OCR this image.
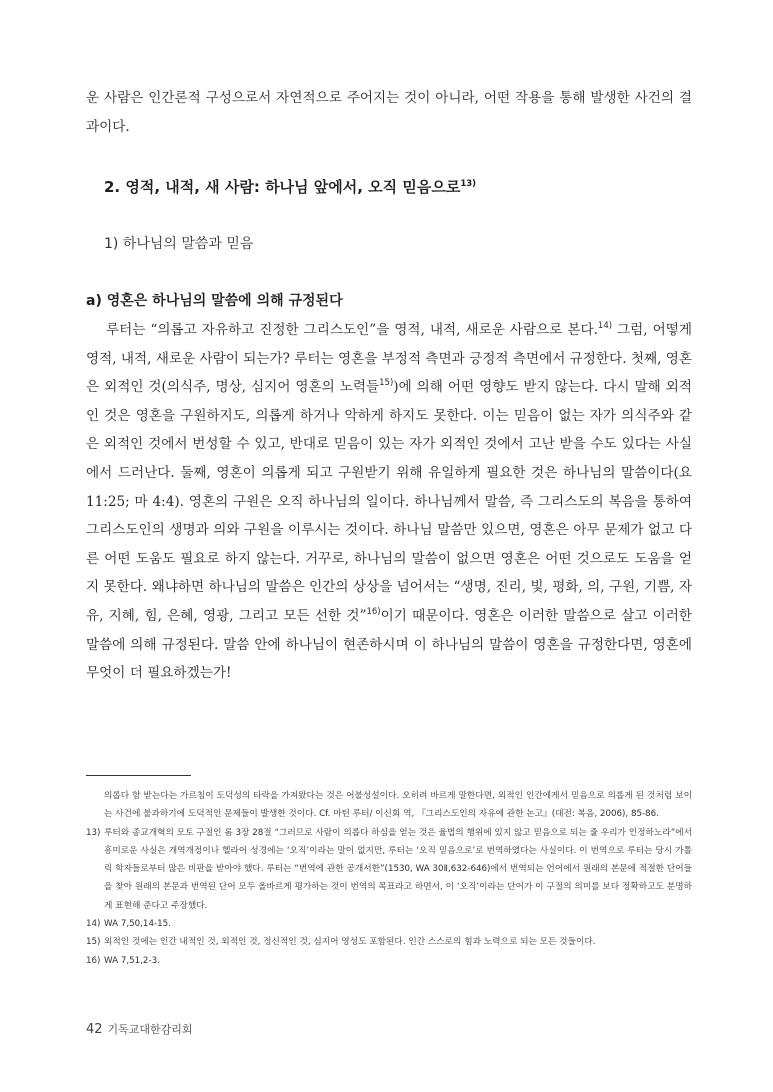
운 사람은 인간론적 구성으로서 자연적으로 주어지는 것이 아니라, 어떤 작용을 통해 발생한 사건의 결과이다.

2. 영적, 내적, 새 사람: 하나님 앞에서, 오직 믿음으로$^{13)}$
1) 하나님의 말씀과 믿음
a) 영혼은 하나님의 말씀에 의해 규정된다

루터는 “의롭고 자유하고 진정한 그리스도인”을 영적, 내적, 새로운 사람으로 본다.$^{14)}$ 그럼, 어떻게 영적, 내적, 새로운 사람이 되는가? 루터는 영혼을 부정적 측면과 긍정적 측면에서 규정한다. 첫째, 영혼은 외적인 것(의식주, 명상, 심지어 영혼의 노력들$^{15)}$)에 의해 어떤 영향도 받지 않는다. 다시 말해 외적인 것은 영혼을 구원하지도, 의롭게 하거나 악하게 하지도 못한다. 이는 믿음이 없는 자가 의식주와 같은 외적인 것에서 번성할 수 있고, 반대로 믿음이 있는 자가 외적인 것에서 고난 받을 수도 있다는 사실에서 드러난다. 둘째, 영혼이 의롭게 되고 구원받기 위해 유일하게 필요한 것은 하나님의 말씀이다(요 11:25; 마 4:4). 영혼의 구원은 오직 하나님의 일이다. 하나님께서 말씀, 즉 그리스도의 복음을 통하여 그리스도인의 생명과 의와 구원을 이루시는 것이다. 하나님 말씀만 있으면, 영혼은 아무 문제가 없고 다른 어떤 도움도 필요로 하지 않는다. 거꾸로, 하나님의 말씀이 없으면 영혼은 어떤 것으로도 도움을 얻지 못한다. 왜냐하면 하나님의 말씀은 인간의 상상을 넘어서는 “생명, 진리, 빛, 평화, 의, 구원, 기쁨, 자유, 지혜, 힘, 은혜, 영광, 그리고 모든 선한 것”$^{16)}$이기 때문이다. 영혼은 이러한 말씀으로 살고 이러한 말씀에 의해 규정된다. 말씀 안에 하나님이 현존하시며 이 하나님의 말씀이 영혼을 규정한다면, 영혼에 무엇이 더 필요하겠는가!

의롭다 함 받는다는 가르침이 도덕성의 타락을 가져왔다는 것은 어불성설이다. 오히려 바르게 말한다면, 외적인 인간에게서 믿음으로 의롭게 된 것처럼 보이는 사건에 불과하기에 도덕적인 문제들이 발생한 것이다. Cf. 마틴 루터/ 이신회 역, 『그리스도인의 자유에 관한 논고』(대전: 복음, 2006), 85-86.
13) 루터와 종교개혁의 모토 구절인 롬 3장 28절 “그러므로 사람이 의롭다 하심을 얻는 것은 율법의 행위에 있지 않고 믿음으로 되는 줄 우리가 인정하노라”에서 흥미로운 사실은 개역개정이나 헬라어 성경에는 ‘오직’이라는 말이 없지만, 루터는 ‘오직 믿음으로’로 번역하였다는 사실이다. 이 번역으로 루터는 당시 가톨릭 학자들로부터 많은 비판을 받아야 했다. 루터는 “번역에 관한 공개서한”(1530, WA 30Ⅱ,632-646)에서 번역되는 언어에서 원래의 본문에 적절한 단어들을 찾아 원래의 본문과 번역된 단어 모두 올바르게 평가하는 것이 번역의 목표라고 하면서, 이 ‘오직’이라는 단어가 이 구절의 의미를 보다 정확하고도 분명하게 표현해 준다고 주장했다.
14) WA 7,50,14-15.
15) 외적인 것에는 인간 내적인 것, 외적인 것, 정신적인 것, 심지어 영성도 포함된다. 인간 스스로의 힘과 노력으로 되는 모든 것들이다.
16) WA 7,51,2-3.
42 기독교대한감리회
